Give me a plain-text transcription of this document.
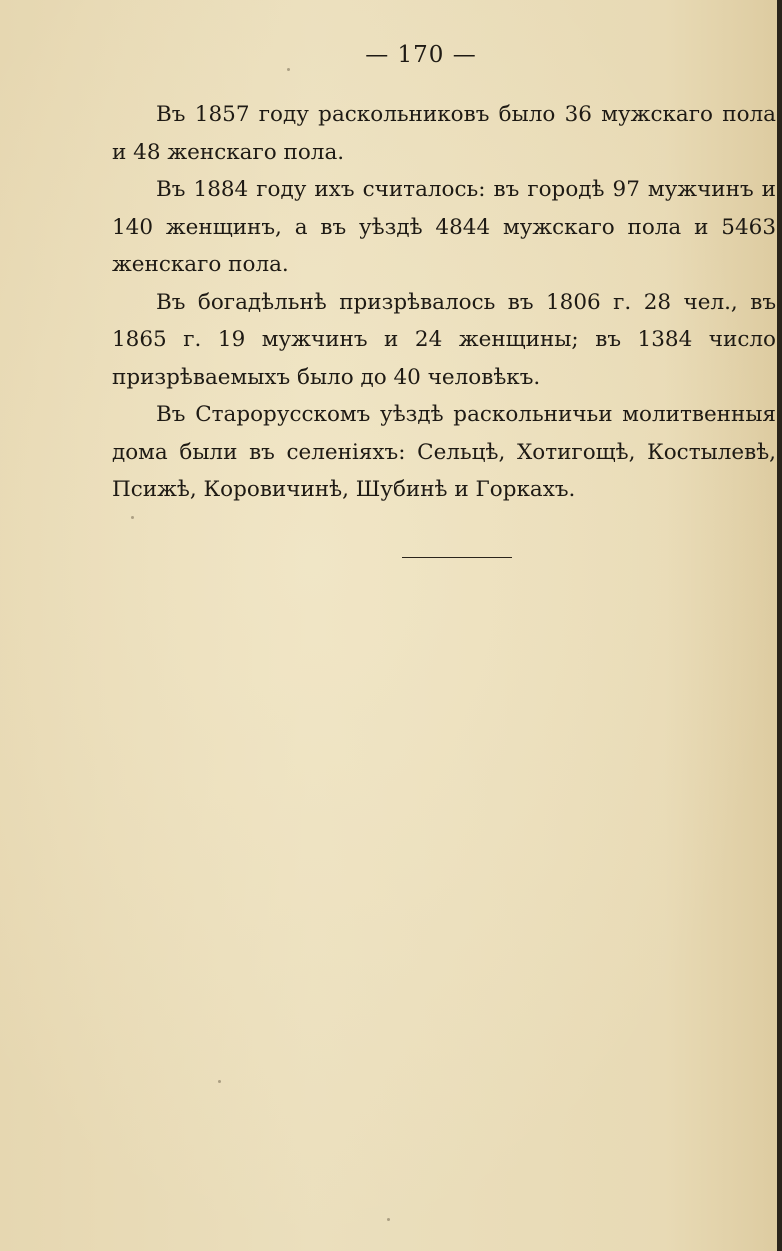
— 170 —

Въ 1857 году раскольниковъ было 36 мужскаго пола и 48 женскаго пола.

Въ 1884 году ихъ считалось: въ городѣ 97 мужчинъ и 140 женщинъ, а въ уѣздѣ 4844 мужскаго пола и 5463 женскаго пола.

Въ богадѣльнѣ призрѣвалось въ 1806 г. 28 чел., въ 1865 г. 19 мужчинъ и 24 женщины; въ 1384 число призрѣваемыхъ было до 40 человѣкъ.

Въ Старорусскомъ уѣздѣ раскольничьи молитвенныя дома были въ селеніяхъ: Сельцѣ, Хотигощѣ, Костылевѣ, Псижѣ, Коровичинѣ, Шубинѣ и Горкахъ.
